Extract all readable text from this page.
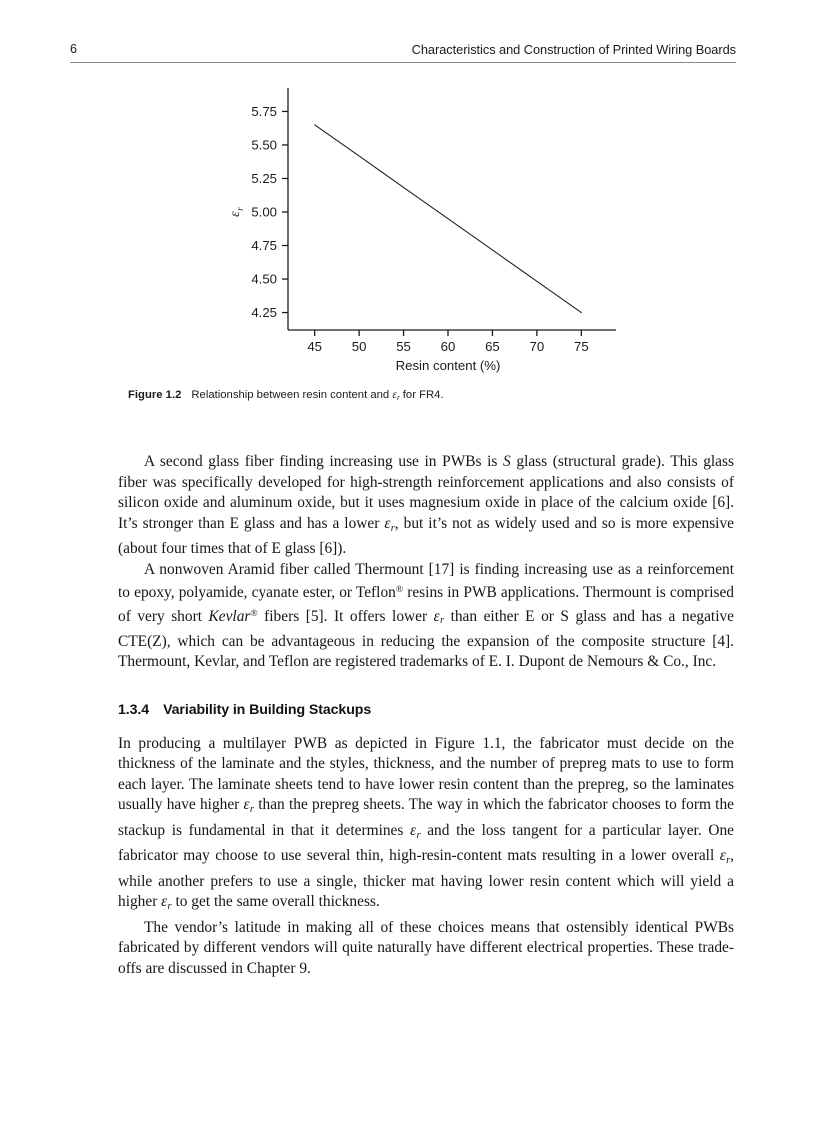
6	Characteristics and Construction of Printed Wiring Boards
4.25
4.50
4.75
5.00
5.25
5.50
5.75
45 50 55 60 65 70 75
Resin content (%)
$\varepsilon_r$
Figure 1.2 Relationship between resin content and εr for FR4.

A second glass fiber finding increasing use in PWBs is S glass (structural grade). This glass fiber was specifically developed for high-strength reinforcement applications and also consists of silicon oxide and aluminum oxide, but it uses magnesium oxide in place of the calcium oxide [6]. It’s stronger than E glass and has a lower εr, but it’s not as widely used and so is more expensive (about four times that of E glass [6]).

A nonwoven Aramid fiber called Thermount [17] is finding increasing use as a reinforcement to epoxy, polyamide, cyanate ester, or Teflon® resins in PWB applications. Thermount is comprised of very short Kevlar® fibers [5]. It offers lower εr than either E or S glass and has a negative CTE(Z), which can be advantageous in reducing the expansion of the composite structure [4]. Thermount, Kevlar, and Teflon are registered trademarks of E. I. Dupont de Nemours & Co., Inc.

1.3.4 Variability in Building Stackups

In producing a multilayer PWB as depicted in Figure 1.1, the fabricator must decide on the thickness of the laminate and the styles, thickness, and the number of prepreg mats to use to form each layer. The laminate sheets tend to have lower resin content than the prepreg, so the laminates usually have higher εr than the prepreg sheets. The way in which the fabricator chooses to form the stackup is fundamental in that it determines εr and the loss tangent for a particular layer. One fabricator may choose to use several thin, high-resin-content mats resulting in a lower overall εr, while another prefers to use a single, thicker mat having lower resin content which will yield a higher εr to get the same overall thickness.

The vendor’s latitude in making all of these choices means that ostensibly identical PWBs fabricated by different vendors will quite naturally have different electrical properties. These trade-offs are discussed in Chapter 9.
